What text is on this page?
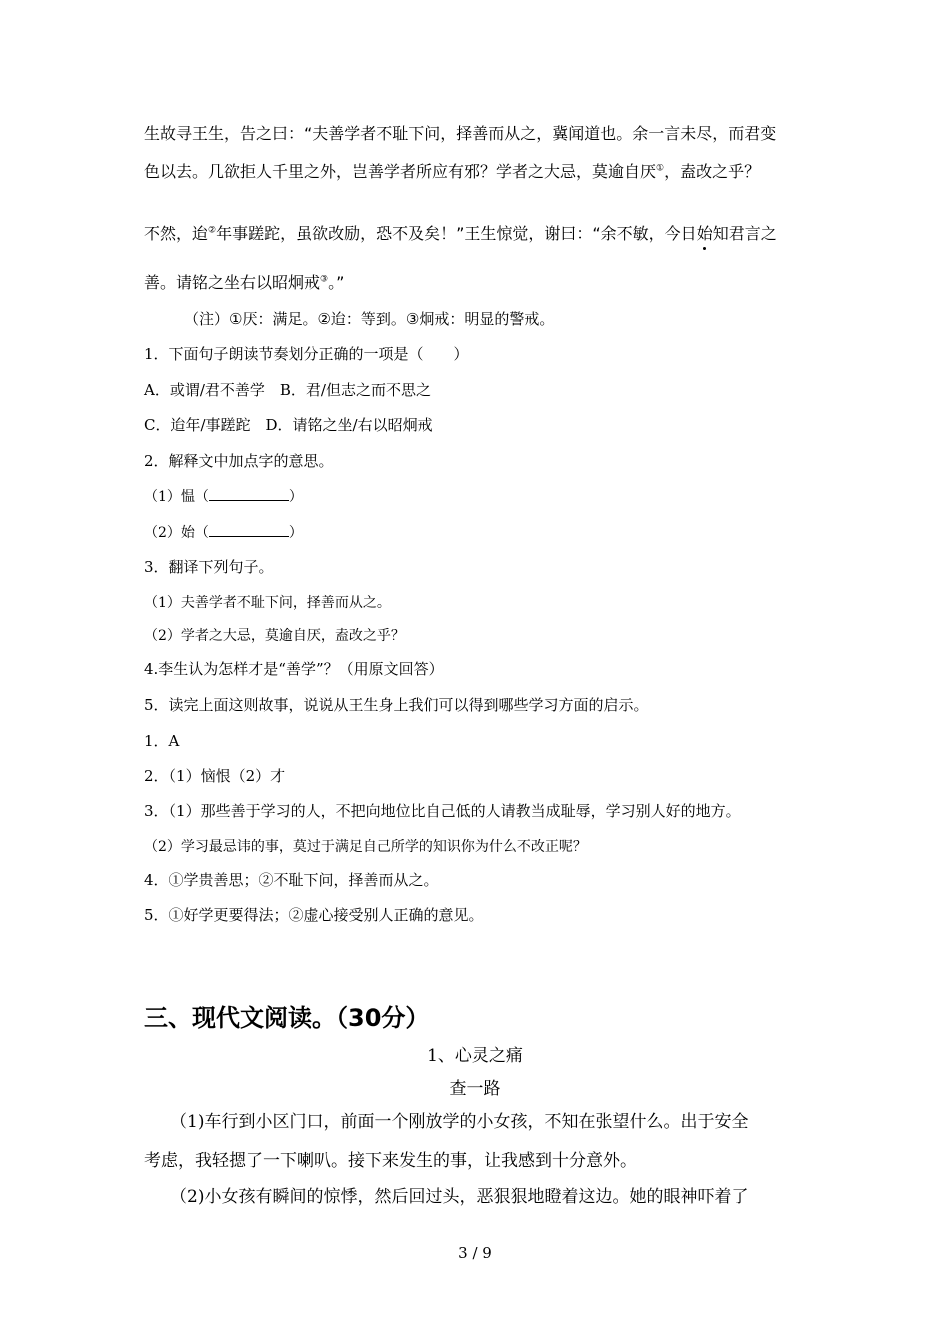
生故寻王生，告之曰：“夫善学者不耻下问，择善而从之，冀闻道也。余一言未尽，而君变
色以去。几欲拒人千里之外，岂善学者所应有邪？学者之大忌，莫逾自厌①，盍改之乎？
不然，迨②年事蹉跎，虽欲改励，恐不及矣！”王生惊觉，谢曰：“余不敏，今日始知君言之
善。请铭之坐右以昭炯戒③。”
（注）①厌：满足。②迨：等到。③炯戒：明显的警戒。
1．下面句子朗读节奏划分正确的一项是（　　）
A．或谓/君不善学　B．君/但志之而不思之
C．迨年/事蹉跎　D．请铭之坐/右以昭炯戒
2．解释文中加点字的意思。
（1）愠（	）
（2）始（	）
3．翻译下列句子。
（1）夫善学者不耻下问，择善而从之。
（2）学者之大忌，莫逾自厌，盍改之乎？
4.李生认为怎样才是“善学”？（用原文回答）
5．读完上面这则故事，说说从王生身上我们可以得到哪些学习方面的启示。
1．A
2．（1）恼恨（2）才
3．（1）那些善于学习的人，不把向地位比自己低的人请教当成耻辱，学习别人好的地方。
（2）学习最忌讳的事，莫过于满足自己所学的知识你为什么不改正呢？
4．①学贵善思；②不耻下问，择善而从之。
5．①好学更要得法；②虚心接受别人正确的意见。
三、现代文阅读。（30分）
1、心灵之痛
查一路
（1)车行到小区门口，前面一个刚放学的小女孩，不知在张望什么。出于安全
考虑，我轻摁了一下喇叭。接下来发生的事，让我感到十分意外。
（2)小女孩有瞬间的惊悸，然后回过头，恶狠狠地瞪着这边。她的眼神吓着了
3 / 9
